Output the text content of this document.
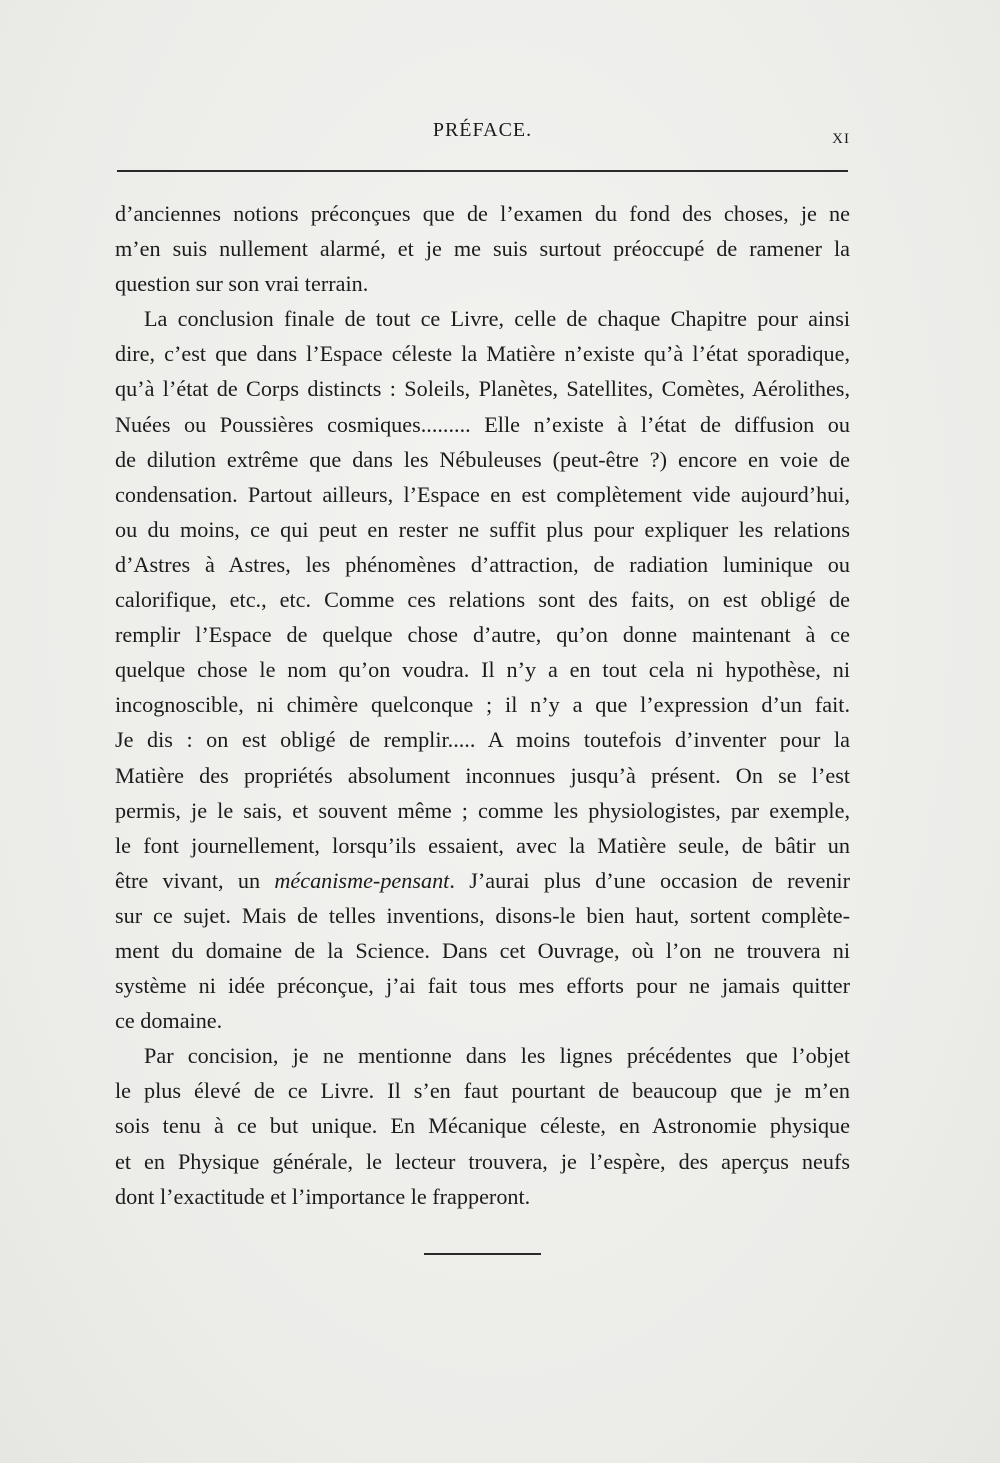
PRÉFACE.	XI

d’anciennes notions préconçues que de l’examen du fond des choses, je ne

m’en suis nullement alarmé, et je me suis surtout préoccupé de ramener la

question sur son vrai terrain.

La conclusion finale de tout ce Livre, celle de chaque Chapitre pour ainsi

dire, c’est que dans l’Espace céleste la Matière n’existe qu’à l’état sporadique,

qu’à l’état de Corps distincts : Soleils, Planètes, Satellites, Comètes, Aérolithes,

Nuées ou Poussières cosmiques......... Elle n’existe à l’état de diffusion ou

de dilution extrême que dans les Nébuleuses (peut-être ?) encore en voie de

condensation. Partout ailleurs, l’Espace en est complètement vide aujourd’hui,

ou du moins, ce qui peut en rester ne suffit plus pour expliquer les relations

d’Astres à Astres, les phénomènes d’attraction, de radiation luminique ou

calorifique, etc., etc. Comme ces relations sont des faits, on est obligé de

remplir l’Espace de quelque chose d’autre, qu’on donne maintenant à ce

quelque chose le nom qu’on voudra. Il n’y a en tout cela ni hypothèse, ni

incognoscible, ni chimère quelconque ; il n’y a que l’expression d’un fait.

Je dis : on est obligé de remplir..... A moins toutefois d’inventer pour la

Matière des propriétés absolument inconnues jusqu’à présent. On se l’est

permis, je le sais, et souvent même ; comme les physiologistes, par exemple,

le font journellement, lorsqu’ils essaient, avec la Matière seule, de bâtir un

être vivant, un mécanisme-pensant. J’aurai plus d’une occasion de revenir

sur ce sujet. Mais de telles inventions, disons-le bien haut, sortent complète-

ment du domaine de la Science. Dans cet Ouvrage, où l’on ne trouvera ni

système ni idée préconçue, j’ai fait tous mes efforts pour ne jamais quitter

ce domaine.

Par concision, je ne mentionne dans les lignes précédentes que l’objet

le plus élevé de ce Livre. Il s’en faut pourtant de beaucoup que je m’en

sois tenu à ce but unique. En Mécanique céleste, en Astronomie physique

et en Physique générale, le lecteur trouvera, je l’espère, des aperçus neufs

dont l’exactitude et l’importance le frapperont.
